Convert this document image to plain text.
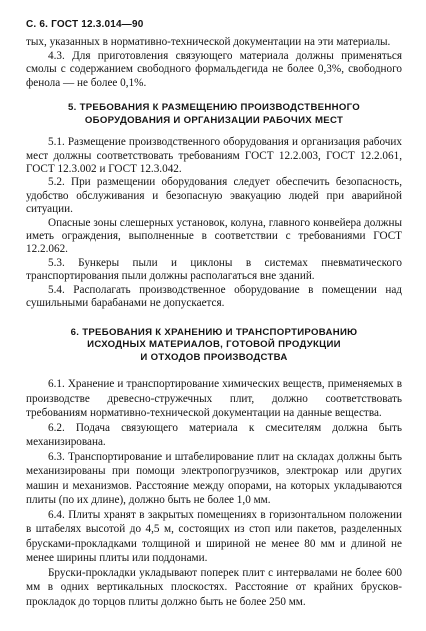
С. 6. ГОСТ 12.3.014—90

тых, указанных в нормативно-технической документации на эти материалы.

4.3. Для приготовления связующего материала должны применяться смолы с содержанием свободного формальдегида не более 0,3%, свободного фенола — не более 0,1%.

5. ТРЕБОВАНИЯ К РАЗМЕЩЕНИЮ ПРОИЗВОДСТВЕННОГО
ОБОРУДОВАНИЯ И ОРГАНИЗАЦИИ РАБОЧИХ МЕСТ

5.1. Размещение производственного оборудования и организация рабочих мест должны соответствовать требованиям ГОСТ 12.2.003, ГОСТ 12.2.061, ГОСТ 12.3.002 и ГОСТ 12.3.042.

5.2. При размещении оборудования следует обеспечить безопасность, удобство обслуживания и безопасную эвакуацию людей при аварийной ситуации.

Опасные зоны слешерных установок, колуна, главного конвейера должны иметь ограждения, выполненные в соответствии с требованиями ГОСТ 12.2.062.

5.3. Бункеры пыли и циклоны в системах пневматического транспортирования пыли должны располагаться вне зданий.

5.4. Располагать производственное оборудование в помещении над сушильными барабанами не допускается.

6. ТРЕБОВАНИЯ К ХРАНЕНИЮ И ТРАНСПОРТИРОВАНИЮ
ИСХОДНЫХ МАТЕРИАЛОВ, ГОТОВОЙ ПРОДУКЦИИ
И ОТХОДОВ ПРОИЗВОДСТВА

6.1. Хранение и транспортирование химических веществ, применяемых в производстве древесно-стружечных плит, должно соответствовать требованиям нормативно-технической документации на данные вещества.

6.2. Подача связующего материала к смесителям должна быть механизирована.

6.3. Транспортирование и штабелирование плит на складах должны быть механизированы при помощи электропогрузчиков, электрокар или других машин и механизмов. Расстояние между опорами, на которых укладываются плиты (по их длине), должно быть не более 1,0 мм.

6.4. Плиты хранят в закрытых помещениях в горизонтальном положении в штабелях высотой до 4,5 м, состоящих из стоп или пакетов, разделенных брусками-прокладками толщиной и шириной не менее 80 мм и длиной не менее ширины плиты или поддонами.

Бруски-прокладки укладывают поперек плит с интервалами не более 600 мм в одних вертикальных плоскостях. Расстояние от крайних брусков-прокладок до торцов плиты должно быть не более 250 мм.
